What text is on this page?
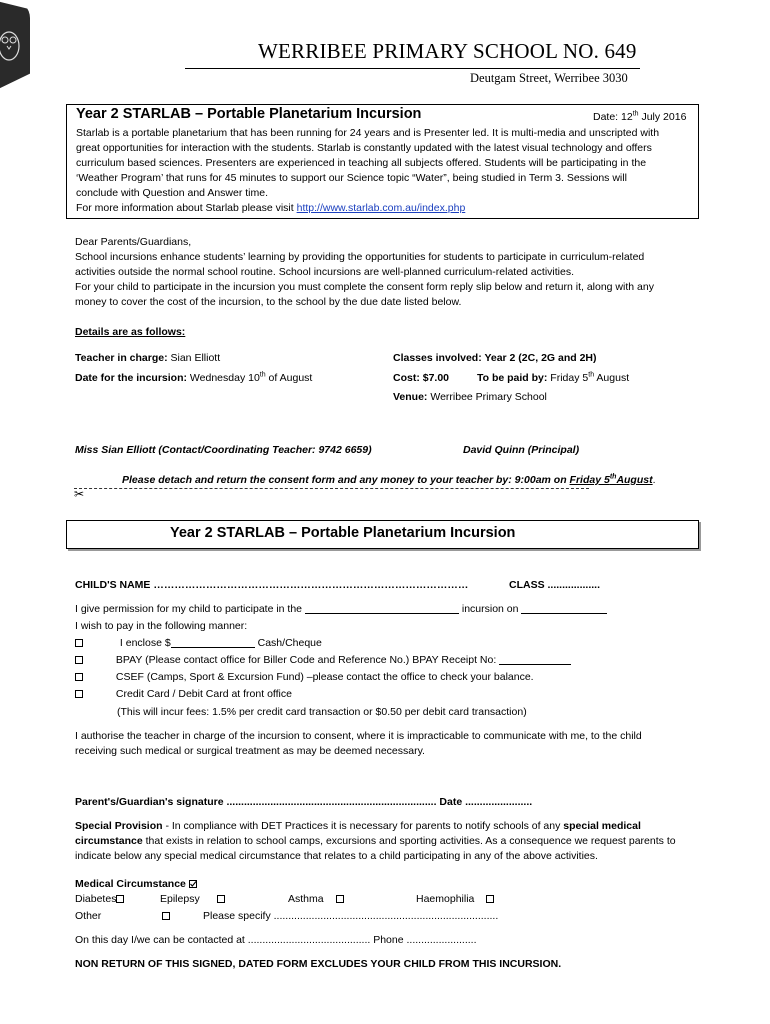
WERRIBEE PRIMARY SCHOOL NO. 649
Deutgam Street, Werribee 3030
Year 2 STARLAB – Portable Planetarium Incursion	Date: 12th July 2016

Starlab is a portable planetarium that has been running for 24 years and is Presenter led. It is multi-media and unscripted with

great opportunities for interaction with the students. Starlab is constantly updated with the latest visual technology and offers

curriculum based sciences. Presenters are experienced in teaching all subjects offered. Students will be participating in the

‘Weather Program’ that runs for 45 minutes to support our Science topic “Water”, being studied in Term 3. Sessions will

conclude with Question and Answer time.

For more information about Starlab please visit http://www.starlab.com.au/index.php

Dear Parents/Guardians,

School incursions enhance students’ learning by providing the opportunities for students to participate in curriculum-related

activities outside the normal school routine. School incursions are well-planned curriculum-related activities.

For your child to participate in the incursion you must complete the consent form reply slip below and return it, along with any

money to cover the cost of the incursion, to the school by the due date listed below.

Details are as follows:
Teacher in charge: Sian Elliott
Date for the incursion: Wednesday 10th of August
Classes involved: Year 2 (2C, 2G and 2H)
Cost: $7.00	To be paid by: Friday 5th August
Venue: Werribee Primary School
Miss Sian Elliott (Contact/Coordinating Teacher: 9742 6659)	David Quinn (Principal)
Please detach and return the consent form and any money to your teacher by: 9:00am on Friday 5thAugust.
✂
Year 2 STARLAB – Portable Planetarium Incursion
CHILD'S NAME ………………………………………………………………………………	CLASS ..................
I give permission for my child to participate in the	incursion on
I wish to pay in the following manner:
I enclose $	Cash/Cheque
BPAY (Please contact office for Biller Code and Reference No.) BPAY Receipt No:
CSEF (Camps, Sport & Excursion Fund) –please contact the office to check your balance.
Credit Card / Debit Card at front office
(This will incur fees: 1.5% per credit card transaction or $0.50 per debit card transaction)

I authorise the teacher in charge of the incursion to consent, where it is impracticable to communicate with me, to the child

receiving such medical or surgical treatment as may be deemed necessary.

Parent's/Guardian's signature ........................................................................ Date .......................

Special Provision - In compliance with DET Practices it is necessary for parents to notify schools of any special medical

circumstance that exists in relation to school camps, excursions and sporting activities. As a consequence we request parents to

indicate below any special medical circumstance that relates to a child participating in any of the above activities.

Medical Circumstance
Diabetes	Epilepsy	Asthma	Haemophilia
Other	Please specify .............................................................................
On this day I/we can be contacted at .......................................... Phone ........................
NON RETURN OF THIS SIGNED, DATED FORM EXCLUDES YOUR CHILD FROM THIS INCURSION.
